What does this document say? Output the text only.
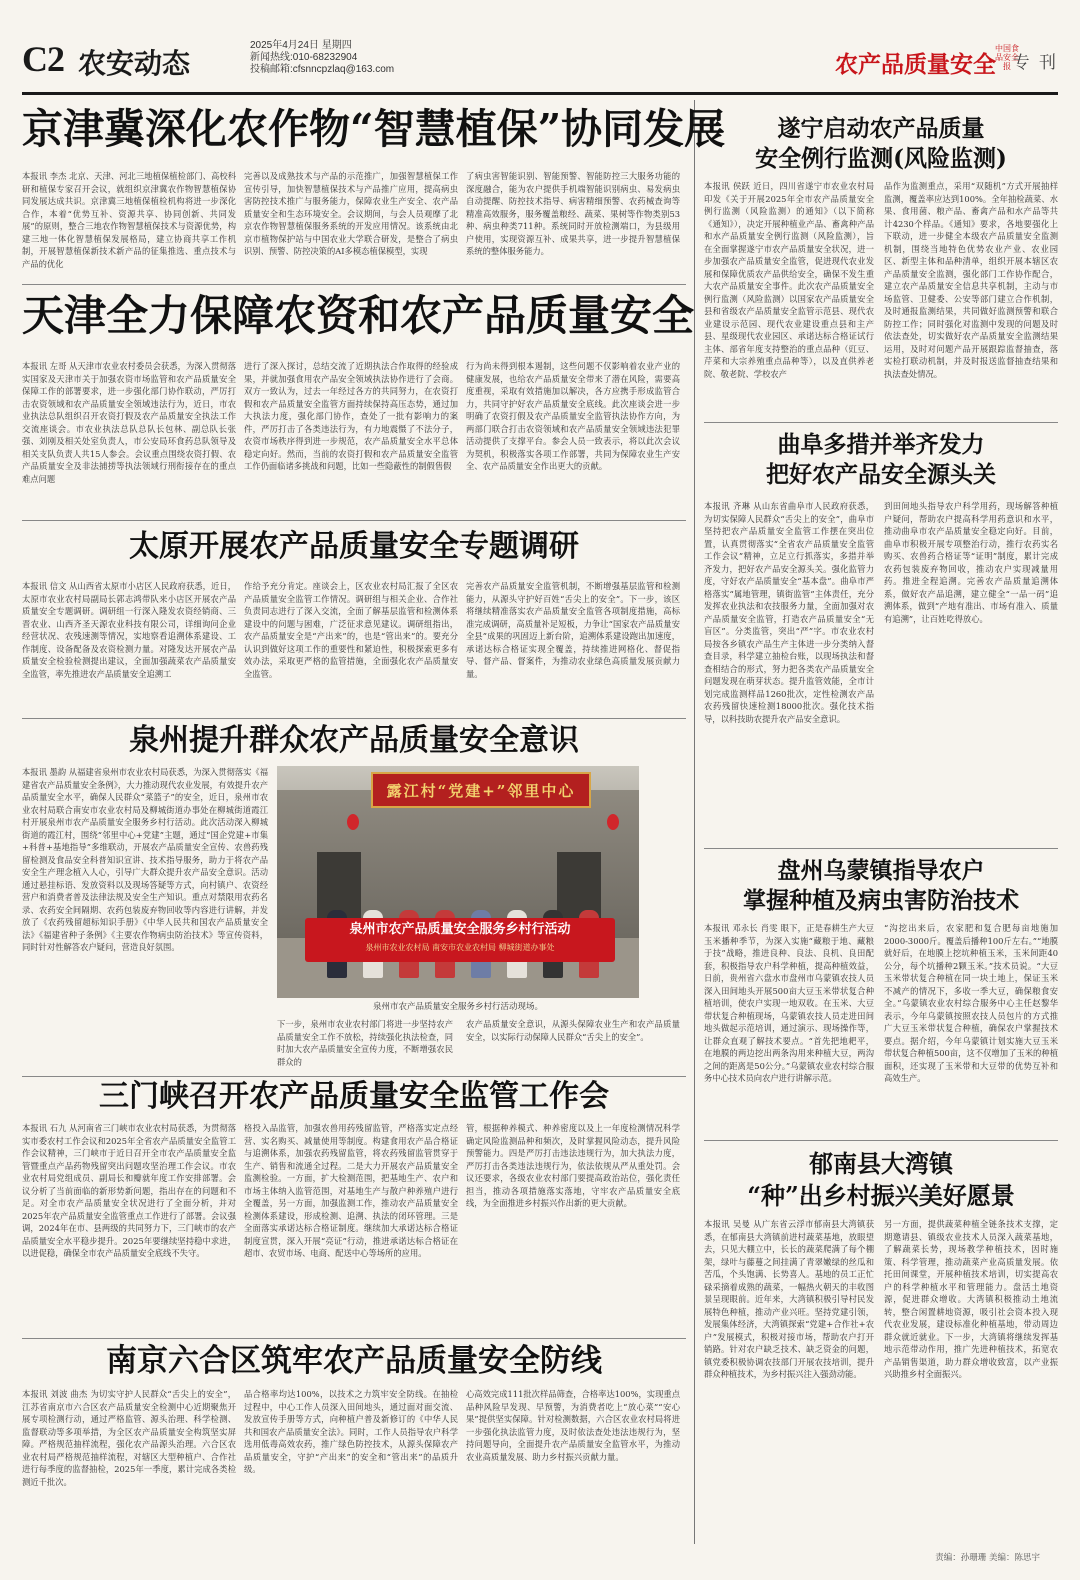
C2 农安动态
2025年4月24日 星期四
新闻热线:010-68232904
投稿邮箱:cfsnncpzlaq@163.com	农产品质量安全
中国食品安全报 专 刊
京津冀深化农作物“智慧植保”协同发展
本报讯 李杰 北京、天津、河北三地植保植检部门、高校科研和植保专家召开会议，就组织京津冀农作物智慧植保协同发展达成共识。京津冀三地植保植检机构将进一步深化合作，本着“优势互补、资源共享、协同创新、共同发展”的原则，整合三地农作物智慧植保技术与资源优势，构建三地一体化智慧植保发展格局，建立协商共享工作机制，开展智慧植保新技术新产品的征集推选、重点技术与产品的优化
完善以及成熟技术与产品的示范推广，加强智慧植保工作宣传引导，加快智慧植保技术与产品推广应用，提高病虫害防控技术推广与服务能力，保障农业生产安全、农产品质量安全和生态环境安全。会议期间，与会人员观摩了北京农作物智慧植保服务系统的开发应用情况。该系统由北京市植物保护站与中国农业大学联合研发，是整合了病虫识别、预警、防控决策的AI多模态植保模型，实现
了病虫害智能识别、智能预警、智能防控三大服务功能的深度融合，能为农户提供手机端智能识别病虫、易发病虫自动提醒、防控技术指导、病害精细预警、农药械查询等精准高效服务，服务覆盖粮经、蔬菜、果树等作物类别53种、病虫种类711种。系统同时开放检测端口，为县级用户使用，实现资源互补、成果共享，进一步提升智慧植保系统的整体服务能力。
天津全力保障农资和农产品质量安全
本报讯 左哥 从天津市农业农村委员会获悉，为深入贯彻落实国家及天津市关于加强农资市场监管和农产品质量安全保障工作的部署要求，进一步强化部门协作联动，严厉打击农资领域和农产品质量安全领域违法行为，近日，市农业执法总队组织召开农资打假及农产品质量安全执法工作交流座谈会。市农业执法总队总队长包林、副总队长张强、刘刚及相关处室负责人，市公安局环食药总队领导及相关支队负责人共15人参会。会议重点围绕农资打假、农产品质量安全及非法捕捞等执法领域行刑衔接存在的重点难点问题
进行了深入探讨，总结交流了近期执法合作取得的经验成果，并就加强食用农产品安全领域执法协作进行了会商。双方一致认为，过去一年经过各方的共同努力，在农资打假和农产品质量安全监管方面持续保持高压态势，通过加大执法力度，强化部门协作，查处了一批有影响力的案件，严厉打击了各类违法行为，有力地震慑了不法分子，农资市场秩序得到进一步规范，农产品质量安全水平总体稳定向好。然而，当前的农资打假和农产品质量安全监管工作仍面临诸多挑战和问题，比如一些隐蔽性的制假售假
行为尚未得到根本遏制，这些问题不仅影响着农业产业的健康发展，也给农产品质量安全带来了潜在风险，需要高度重视，采取有效措施加以解决，各方应携手形成监管合力，共同守护好农产品质量安全底线。此次座谈会进一步明确了农资打假及农产品质量安全监管执法协作方向，为两部门联合打击农资领域和农产品质量安全领域违法犯罪活动提供了支撑平台。参会人员一致表示，将以此次会议为契机，积极落实各项工作部署，共同为保障农业生产安全、农产品质量安全作出更大的贡献。
太原开展农产品质量安全专题调研
本报讯 信文 从山西省太原市小店区人民政府获悉，近日，太原市农业农村局副局长郭志鸿带队来小店区开展农产品质量安全专题调研。调研组一行深入隆发农资经销商、三晋农业、山西齐圣天源农业科技有限公司，详细询问企业经营状况、农残速测等情况，实地察看追溯体系建设、工作制度、设备配备及农资检测力量。对隆发达开展农产品质量安全检验检测提出建议，全面加强蔬菜农产品质量安全监管，率先推进农产品质量安全追溯工
作给予充分肯定。座谈会上，区农业农村局汇报了全区农产品质量安全监管工作情况。调研组与相关企业、合作社负责同志进行了深入交流，全面了解基层监管和检测体系建设中的问题与困难，广泛征求意见建议。调研组指出，农产品质量安全是“产出来”的，也是“管出来”的。要充分认识到做好这项工作的重要性和紧迫性，积极探索更多有效办法，采取更严格的监管措施，全面强化农产品质量安全监管。
完善农产品质量安全监管机制，不断增强基层监管和检测能力，从源头守护好百姓“舌尖上的安全”。下一步，该区将继续精准落实农产品质量安全监管各项制度措施，高标准完成调研，高质量补足短板，力争让“国家农产品质量安全县”成果的巩固迈上新台阶，追溯体系建设跑出加速度，承诺达标合格证实现全覆盖，持续推进网格化、督促指导、督产品、督案件，为推动农业绿色高质量发展贡献力量。
泉州提升群众农产品质量安全意识
本报讯 墨韵 从福建省泉州市农业农村局获悉，为深入贯彻落实《福建省农产品质量安全条例》，大力推动现代农业发展，有效提升农产品质量安全水平，确保人民群众“菜篮子”的安全，近日，泉州市农业农村局联合南安市农业农村局及柳城街道办事处在柳城街道霞江村开展泉州市农产品质量安全服务乡村行活动。此次活动深入柳城街道的霞江村，围绕“邻里中心+党建”主题，通过“国企党建+市集+科普+基地指导”多维联动，开展农产品质量安全宣传、农兽药残留检测及食品安全科普知识宣讲、技术指导服务，助力于将农产品安全生产理念植入人心，引导广大群众提升农产品安全意识。活动通过悬挂标语、发放资料以及现场答疑等方式，向村镇户、农资经营户和消费者普及法律法规及安全生产知识。重点对禁限用农药名录、农药安全间隔期、农药包装废弃物回收等内容进行讲解，并发放了《农药残留超标知识手册》《中华人民共和国农产品质量安全法》《福建省种子条例》《主要农作物病虫防治技术》等宣传资料，同时针对性解答农户疑问，营造良好氛围。
露江村“党建+”邻里中心
泉州市农产品质量安全服务乡村行活动
泉州市农业农村局 南安市农业农村局 柳城街道办事处
泉州市农产品质量安全服务乡村行活动现场。
下一步，泉州市农业农村部门将进一步坚持农产品质量安全工作不放松，持续强化执法检查，同时加大农产品质量安全宣传力度，不断增强农民群众的
农产品质量安全意识，从源头保障农业生产和农产品质量安全，以实际行动保障人民群众“舌尖上的安全”。
三门峡召开农产品质量安全监管工作会
本报讯 石九 从河南省三门峡市农业农村局获悉，为贯彻落实市委农村工作会议和2025年全省农产品质量安全监管工作会议精神，三门峡市于近日召开全市农产品质量安全监管暨重点产品药物残留突出问题攻坚治理工作会议。市农业农村局党组成员、副局长和瓣就年度工作安排部署。会议分析了当前面临的新形势新问题，指出存在的问题和不足。对全市农产品质量安全状况进行了全面分析，并对2025年农产品质量安全监管重点工作进行了部署。会议强调，2024年在市、县两级的共同努力下，三门峡市的农产品质量安全水平稳步提升。2025年要继续坚持稳中求进，以进促稳，确保全市农产品质量安全底线不失守。
格投入品监管，加强农兽用药残留监管，严格落实定点经营、实名购买、减量使用等制度。构建食用农产品合格证与追溯体系，加强农药残留监管，将农药残留监管贯穿于生产、销售和流通全过程。二是大力开展农产品质量安全监测检验。一方面，扩大检测范围，把基地生产、农户和市场主体纳入监管范围，对基地生产与散户种养殖户进行全覆盖，另一方面，加强监测工作，推动农产品质量安全检测体系建设，形成检测、追溯、执法的闭环管理。三是全面落实承诺达标合格证制度。继续加大承诺达标合格证制度宣贯，深入开展“亮证”行动，推进承诺达标合格证在超市、农贸市场、电商、配送中心等场所的应用。
管，根据种养模式、种养密度以及上一年度检测情况科学确定风险监测品种和频次，及时掌握风险动态，提升风险预警能力。四是严厉打击违法违规行为，加大执法力度，严厉打击各类违法违规行为，依法依规从严从重处罚。会议还要求，各级农业农村部门要提高政治站位，强化责任担当，推动各项措施落实落地，守牢农产品质量安全底线，为全面推进乡村振兴作出新的更大贡献。
南京六合区筑牢农产品质量安全防线
本报讯 刘波 曲杰 为切实守护人民群众“舌尖上的安全”，江苏省南京市六合区农产品质量安全检测中心近期聚焦开展专项检测行动，通过严格监管、源头治理、科学检测、监督联动等多项举措，为全区农产品质量安全构筑坚实屏障。严格规范抽样流程，强化农产品源头治理。六合区农业农村局严格规范抽样流程，对辖区大型种植户、合作社进行每季度的监督抽检，2025年一季度，累计完成各类检测近千批次。
品合格率均达100%，以技术之力筑牢安全防线。在抽检过程中，中心工作人员深入田间地头，通过面对面交流、发放宣传手册等方式，向种植户普及新修订的《中华人民共和国农产品质量安全法》。同时，工作人员指导农户科学选用低毒高效农药，推广绿色防控技术，从源头保障农产品质量安全，守护“产出来”的安全和“管出来”的品质升级。
心高效完成111批次样品筛查，合格率达100%，实现重点品种风险早发现、早预警，为消费者吃上“放心菜”“安心果”提供坚实保障。针对检测数据，六合区农业农村局将进一步强化执法监管力度，及时依法查处违法违规行为，坚持问题导向，全面提升农产品质量安全监管水平，为推动农业高质量发展、助力乡村振兴贡献力量。
遂宁启动农产品质量
安全例行监测(风险监测)
本报讯 侯跃 近日，四川省遂宁市农业农村局印发《关于开展2025年全市农产品质量安全例行监测（风险监测）的通知》（以下简称《通知》），决定开展种植业产品、畜禽种产品和水产品质量安全例行监测（风险监测），旨在全面掌握遂宁市农产品质量安全状况，进一步加强农产品质量安全监管，促进现代农业发展和保障优质农产品供给安全，确保不发生重大农产品质量安全事件。此次农产品质量安全例行监测（风险监测）以国家农产品质量安全县和省级农产品质量安全监管示范县、现代农业建设示范园、现代农业建设重点县和主产县、星级现代农业园区、承诺达标合格证试行主体、部省年度支持整治的重点品种（豇豆、芹菜和大宗养殖重点品种等），以及直供养老院、敬老院、学校农产
品作为监测重点，采用“双随机”方式开展抽样监测，覆盖率应达到100%。全年抽检蔬菜、水果、食用菌、粮产品、畜禽产品和水产品等共计4230个样品。《通知》要求，各地要强化上下联动，进一步健全本级农产品质量安全监测机制，围绕当地特色优势农业产业、农业园区、新型主体和品种清单，组织开展本辖区农产品质量安全监测，强化部门工作协作配合，建立农产品质量安全信息共享机制，主动与市场监管、卫健委、公安等部门建立合作机制，及时通报监测结果，共同做好监测预警和联合防控工作；同时强化对监测中发现的问题及时依法查处，切实做好农产品质量安全监测结果运用，及时对问题产品开展跟踪监督抽查，落实检打联动机制，并及时报送监督抽查结果和执法查处情况。
曲阜多措并举齐发力
把好农产品安全源头关
本报讯 齐琳 从山东省曲阜市人民政府获悉，为切实保障人民群众“舌尖上的安全”，曲阜市坚持把农产品质量安全监管工作摆在突出位置，认真贯彻落实“全省农产品质量安全监管工作会议”精神，立足立行抓落实，多措并举齐发力，把好农产品安全源头关。强化监管力度，守好农产品质量安全“基本盘”。曲阜市严格落实“属地管理，镇街监管”主体责任，充分发挥农业执法和农技服务力量，全面加强对农产品质量安全监管，打造农产品质量安全“无盲区”。分类监管，突出“严”字。市农业农村局按各乡镇农产品生产主体进一步分类纳入督查目录，科学建立抽检台账，以现场执法和督查相结合的形式，努力把各类农产品质量安全问题发现在萌芽状态。提升监管效能，全市计划完成监测样品1260批次，定性检测农产品农药残留快速检测18000批次。强化技术指导，以科技助农提升农产品安全意识。
到田间地头指导农户科学用药，现场解答种植户疑问，帮助农户提高科学用药意识和水平，推动曲阜市农产品质量安全稳定向好。目前，曲阜市积极开展专项整治行动，推行农药实名购买、农兽药合格证等“证明”制度，累计完成农药包装废弃物回收，推动农户实现减量用药。推进全程追溯。完善农产品质量追溯体系，做好农产品追溯，建立健全“一品一码”追溯体系，做到“产地有准出、市场有准入、质量有追溯”，让百姓吃得放心。
盘州乌蒙镇指导农户
掌握种植及病虫害防治技术
本报讯 邓永长 肖雯 眼下，正是春耕生产大豆玉米播种季节，为深入实施“藏粮于地、藏粮于技”战略，推进良种、良法、良机、良田配套，积极指导农户科学种植，提高种植效益，日前，贵州省六盘水市盘州市乌蒙镇农技人员深入田间地头开展500亩大豆玉米带状复合种植培训，使农户实现一地双收。在玉米、大豆带状复合种植现场，乌蒙镇农技人员走进田间地头做起示范培训，通过演示、现场操作等，让群众直观了解技术要点。“首先把地耙平，在地膜的两边挖出两条沟用来种植大豆，两沟之间的距离是50公分。”乌蒙镇农业农村综合服务中心技术员向农户进行讲解示范。
“沟挖出来后，农家肥和复合肥每亩地施加2000-3000斤。覆盖后播种100斤左右。”“地膜就好后，在地膜上挖坑种植玉米，玉米间距40公分，每个坑播种2颗玉米。”技术员说。“大豆玉米带状复合种植在同一块土地上，保证玉米不减产的情况下，多收一季大豆，确保粮食安全。”乌蒙镇农业农村综合服务中心主任赵黎华表示，今年乌蒙镇按照农技人员包片的方式推广大豆玉米带状复合种植，确保农户掌握技术要点。据介绍，今年乌蒙镇计划实施大豆玉米带状复合种植500亩，这不仅增加了玉米的种植面积，还实现了玉米带和大豆带的优势互补和高效生产。
郁南县大湾镇
“种”出乡村振兴美好愿景
本报讯 吴曼 从广东省云浮市郁南县大湾镇获悉，在郁南县大湾镇前进村蔬菜基地，放眼望去，只见大棚立中，长长的蔬菜爬满了每个棚架，绿叶与藤蔓之间挂满了青翠嫩绿的丝瓜和苦瓜，个头饱满、长势喜人。基地的员工正忙碌采摘着成熟的蔬菜，一幅热火朝天的丰收图景呈现眼前。近年来，大湾镇积极引导村民发展特色种植，推动产业兴旺。坚持党建引领，发展集体经济，大湾镇探索“党建+合作社+农户”发展模式，积极对接市场，帮助农户打开销路。针对农户缺乏技术、缺乏资金的问题，镇党委积极协调农技部门开展农技培训，提升群众种植技术，为乡村振兴注入强劲动能。
另一方面，提供蔬菜种植全链条技术支撑，定期邀请县、镇级农业技术人员深入蔬菜基地，了解蔬菜长势，现场教学种植技术，因时施策、科学管理，推动蔬菜产业高质量发展。依托田间课堂，开展种植技术培训，切实提高农户的科学种植水平和管理能力。盘活土地资源，促进群众增收。大湾镇积极推动土地流转，整合闲置耕地资源，吸引社会资本投入现代农业发展，建设标准化种植基地，带动周边群众就近就业。下一步，大湾镇将继续发挥基地示范带动作用，推广先进种植技术，拓宽农产品销售渠道，助力群众增收致富，以产业振兴助推乡村全面振兴。
责编：孙珊珊 美编：陈思宇
